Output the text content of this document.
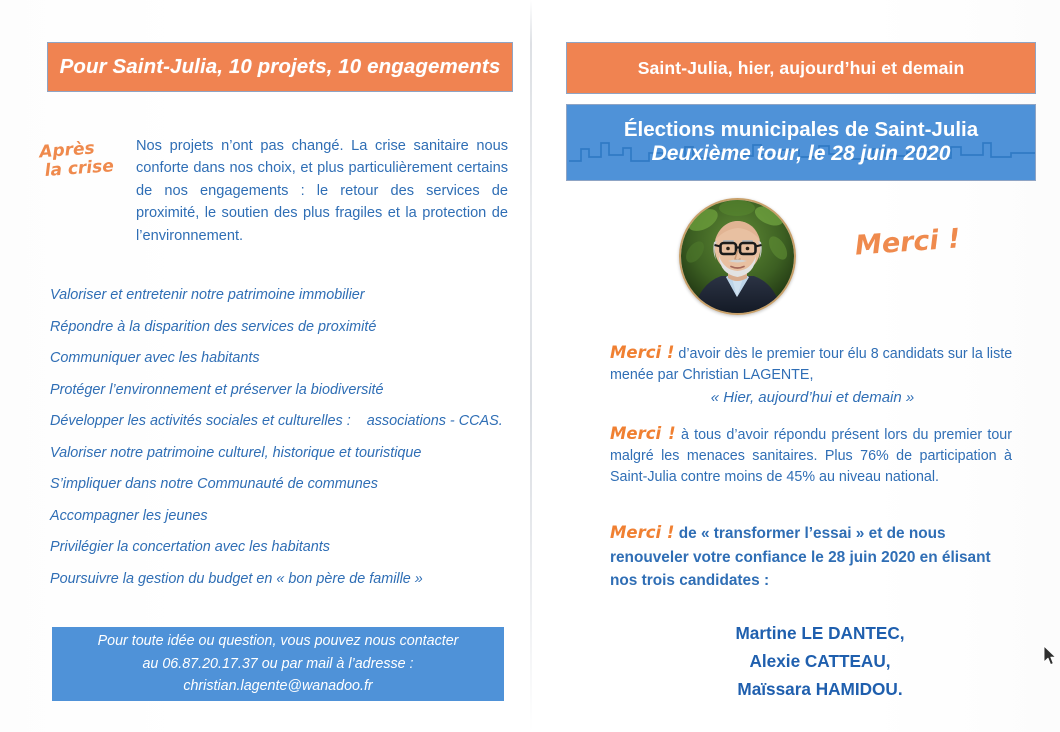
Pour Saint-Julia, 10 projets, 10 engagements
Après
la crise

Nos projets n’ont pas changé. La crise sanitaire nous conforte dans nos choix, et plus particulièrement certains de nos engagements : le retour des services de proximité, le soutien des plus fragiles et la protection de l’environnement.

Valoriser et entretenir notre patrimoine immobilier
Répondre à la disparition des services de proximité
Communiquer avec les habitants
Protéger l’environnement et préserver la biodiversité
Développer les activités sociales et culturelles :    associations - CCAS.
Valoriser notre patrimoine culturel, historique et touristique
S’impliquer dans notre Communauté de communes
Accompagner les jeunes
Privilégier la concertation avec les habitants
Poursuivre la gestion du budget en « bon père de famille »
Pour toute idée ou question, vous pouvez nous contacter
au 06.87.20.17.37 ou par mail à l’adresse :
christian.lagente@wanadoo.fr
Saint-Julia, hier, aujourd’hui et demain
Élections municipales de Saint-Julia
Deuxième tour, le 28 juin 2020
Merci !
Merci ! d’avoir dès le premier tour élu 8 candidats sur la liste menée par Christian LAGENTE,
« Hier, aujourd’hui et demain »
Merci ! à tous d’avoir répondu présent lors du premier tour malgré les menaces sanitaires. Plus 76% de participation à Saint-Julia contre moins de 45% au niveau national.
Merci ! de « transformer l’essai » et de nous renouveler votre confiance le 28 juin 2020 en élisant nos trois candidates :
Martine LE DANTEC,
Alexie CATTEAU,
Maïssara HAMIDOU.
